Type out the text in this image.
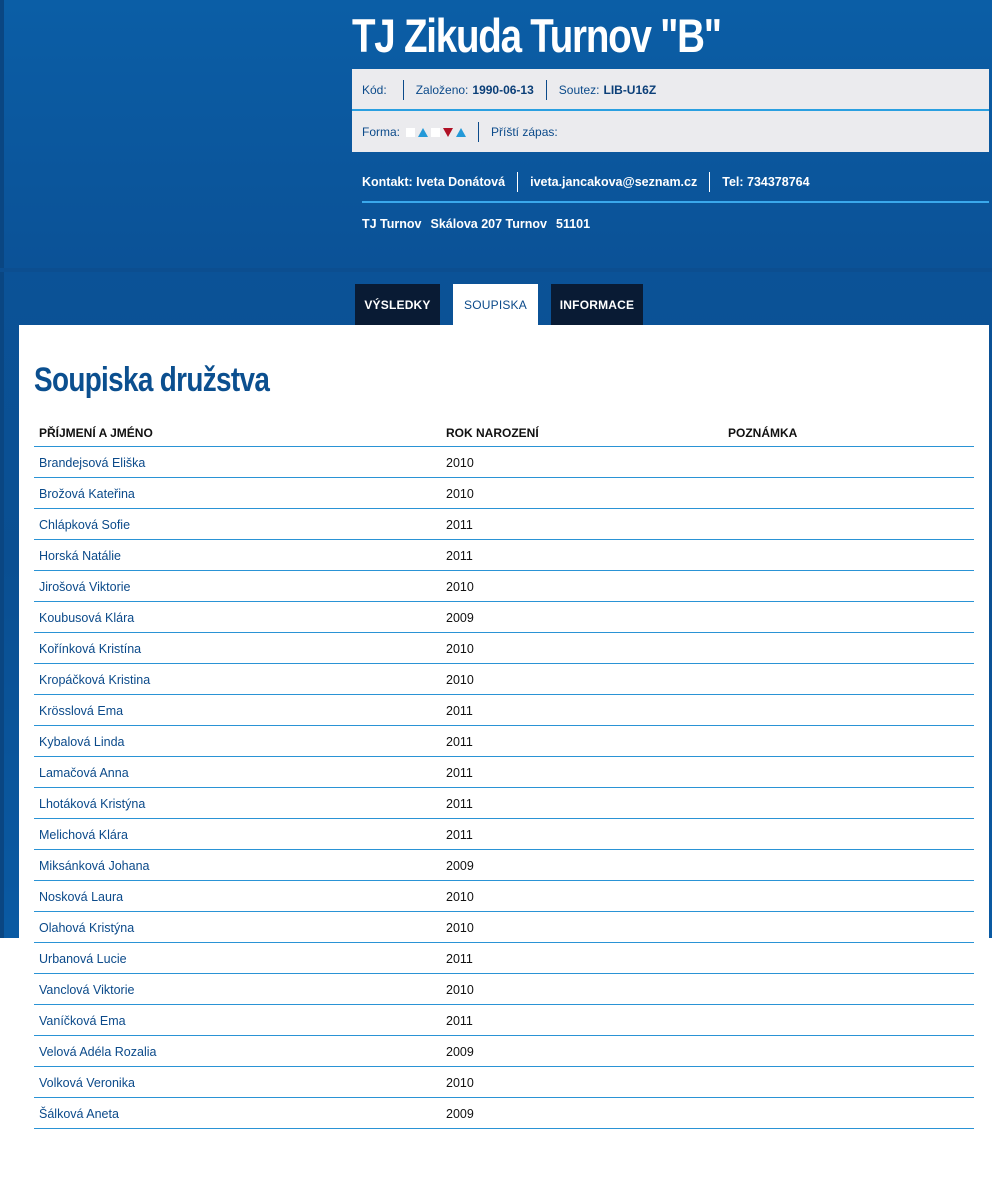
TJ Zikuda Turnov "B"
Kód: Založeno: 1990-06-13 Soutez: LIB-U16Z
Forma:	Příští zápas:
Kontakt: Iveta Donátová iveta.jancakova@seznam.cz Tel: 734378764
TJ Turnov Skálova 207 Turnov 51101
VÝSLEDKY	SOUPISKA	INFORMACE
Soupiska družstva
PŘÍJMENÍ A JMÉNO	ROK NAROZENÍ	POZNÁMKA
Brandejsová Eliška	2010
Brožová Kateřina	2010
Chlápková Sofie	2011
Horská Natálie	2011
Jirošová Viktorie	2010
Koubusová Klára	2009
Kořínková Kristína	2010
Kropáčková Kristina	2010
Krösslová Ema	2011
Kybalová Linda	2011
Lamačová Anna	2011
Lhotáková Kristýna	2011
Melichová Klára	2011
Miksánková Johana	2009
Nosková Laura	2010
Olahová Kristýna	2010
Urbanová Lucie	2011
Vanclová Viktorie	2010
Vaníčková Ema	2011
Velová Adéla Rozalia	2009
Volková Veronika	2010
Šálková Aneta	2009
